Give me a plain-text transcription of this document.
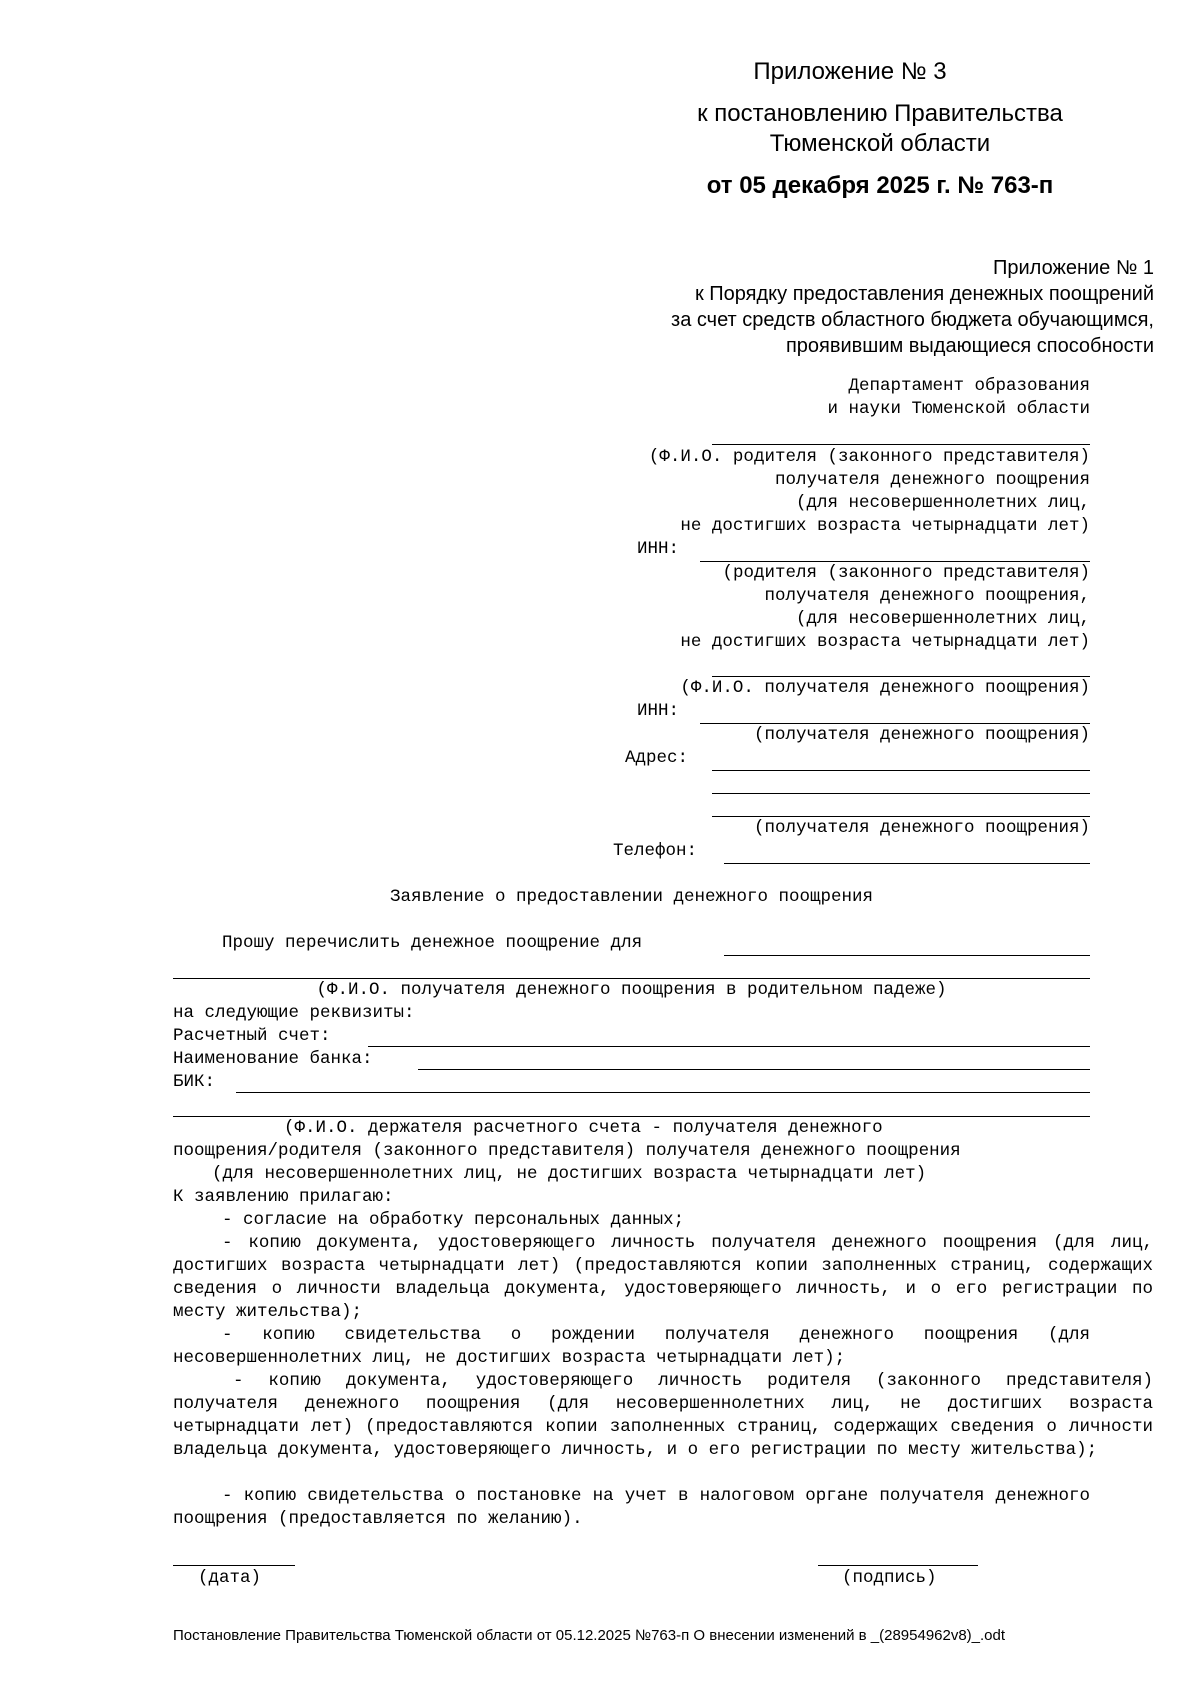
Приложение № 3
к постановлению Правительства
Тюменской области
от 05 декабря 2025 г. № 763-п
Приложение № 1
к Порядку предоставления денежных поощрений
за счет средств областного бюджета обучающимся,
проявившим выдающиеся способности
Департамент образования
и науки Тюменской области
(Ф.И.О. родителя (законного представителя)
получателя денежного поощрения
(для несовершеннолетних лиц,
не достигших возраста четырнадцати лет)
ИНН:
(родителя (законного представителя)
получателя денежного поощрения,
(для несовершеннолетних лиц,
не достигших возраста четырнадцати лет)
(Ф.И.О. получателя денежного поощрения)
ИНН:
(получателя денежного поощрения)
Адрес:
(получателя денежного поощрения)
Телефон:
Заявление о предоставлении денежного поощрения
Прошу перечислить денежное поощрение для
(Ф.И.О. получателя денежного поощрения в родительном падеже)
на следующие реквизиты:
Расчетный счет:
Наименование банка:
БИК:
(Ф.И.О. держателя расчетного счета - получателя денежного
поощрения/родителя (законного представителя) получателя денежного поощрения
(для несовершеннолетних лиц, не достигших возраста четырнадцати лет)
К заявлению прилагаю:
- согласие на обработку персональных данных;
- копию документа, удостоверяющего личность получателя денежного поощрения (для лиц, достигших возраста четырнадцати лет) (предоставляются копии заполненных страниц, содержащих сведения о личности владельца документа, удостоверяющего личность, и о его регистрации по месту жительства);
- копию свидетельства о рождении получателя денежного поощрения (для несовершеннолетних лиц, не достигших возраста четырнадцати лет);
- копию документа, удостоверяющего личность родителя (законного представителя) получателя денежного поощрения (для несовершеннолетних лиц, не достигших возраста четырнадцати лет) (предоставляются копии заполненных страниц, содержащих сведения о личности владельца документа, удостоверяющего личность, и о его регистрации по месту жительства);
- копию свидетельства о постановке на учет в налоговом органе получателя денежного поощрения (предоставляется по желанию).
(дата)	(подпись)
Постановление Правительства Тюменской области от 05.12.2025 №763-п О внесении изменений в _(28954962v8)_.odt
